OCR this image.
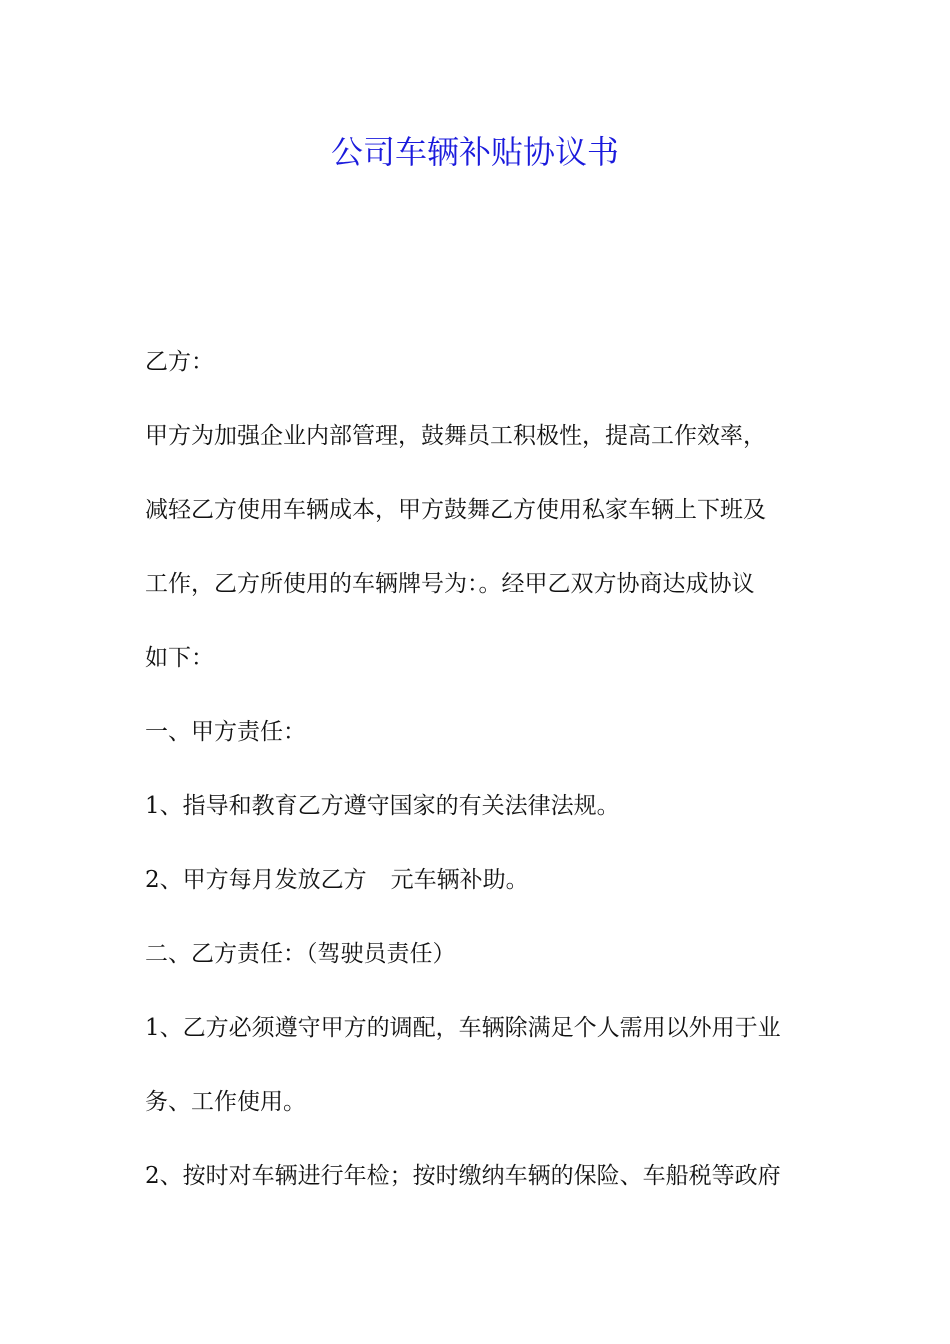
公司车辆补贴协议书
乙方：
甲方为加强企业内部管理，鼓舞员工积极性，提高工作效率，
减轻乙方使用车辆成本，甲方鼓舞乙方使用私家车辆上下班及
工作，乙方所使用的车辆牌号为：。经甲乙双方协商达成协议
如下：
一、甲方责任：
1、指导和教育乙方遵守国家的有关法律法规。
2、甲方每月发放乙方 元车辆补助。
二、乙方责任：（驾驶员责任）
1、乙方必须遵守甲方的调配，车辆除满足个人需用以外用于业
务、工作使用。
2、按时对车辆进行年检；按时缴纳车辆的保险、车船税等政府
